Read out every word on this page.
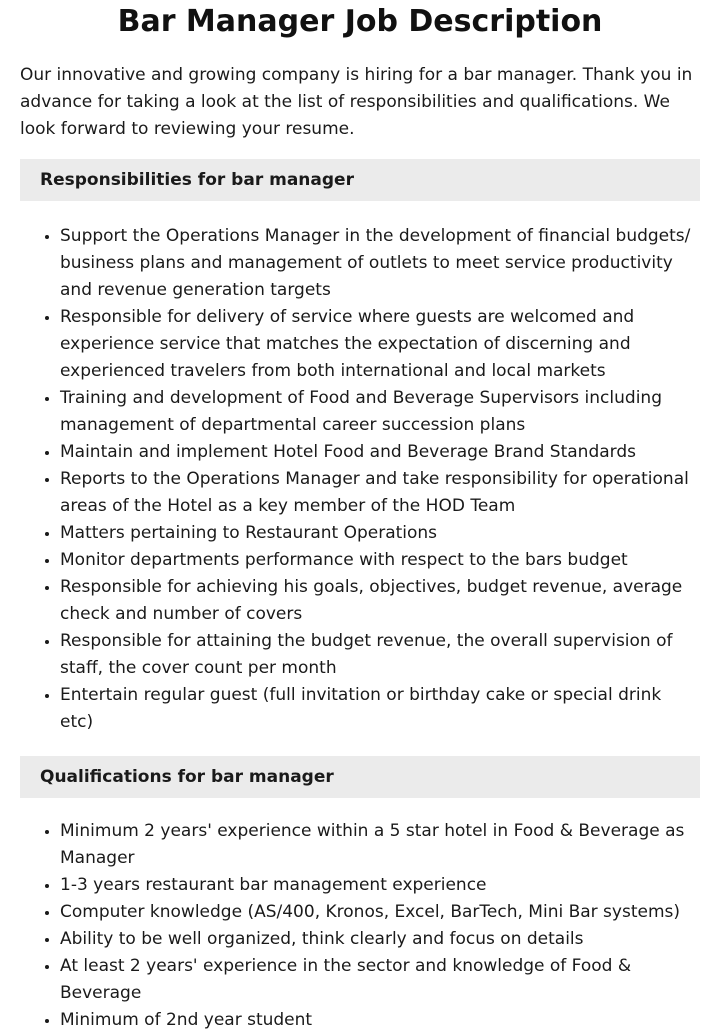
Bar Manager Job Description

Our innovative and growing company is hiring for a bar manager. Thank you in advance for taking a look at the list of responsibilities and qualifications. We look forward to reviewing your resume.

Responsibilities for bar manager
• Support the Operations Manager in the development of financial budgets/ business plans and management of outlets to meet service productivity and revenue generation targets
• Responsible for delivery of service where guests are welcomed and experience service that matches the expectation of discerning and experienced travelers from both international and local markets
• Training and development of Food and Beverage Supervisors including management of departmental career succession plans
• Maintain and implement Hotel Food and Beverage Brand Standards
• Reports to the Operations Manager and take responsibility for operational areas of the Hotel as a key member of the HOD Team
• Matters pertaining to Restaurant Operations
• Monitor departments performance with respect to the bars budget
• Responsible for achieving his goals, objectives, budget revenue, average check and number of covers
• Responsible for attaining the budget revenue, the overall supervision of staff, the cover count per month
• Entertain regular guest (full invitation or birthday cake or special drink etc)
Qualifications for bar manager
• Minimum 2 years' experience within a 5 star hotel in Food & Beverage as Manager
• 1-3 years restaurant bar management experience
• Computer knowledge (AS/400, Kronos, Excel, BarTech, Mini Bar systems)
• Ability to be well organized, think clearly and focus on details
• At least 2 years' experience in the sector and knowledge of Food & Beverage
• Minimum of 2nd year student
